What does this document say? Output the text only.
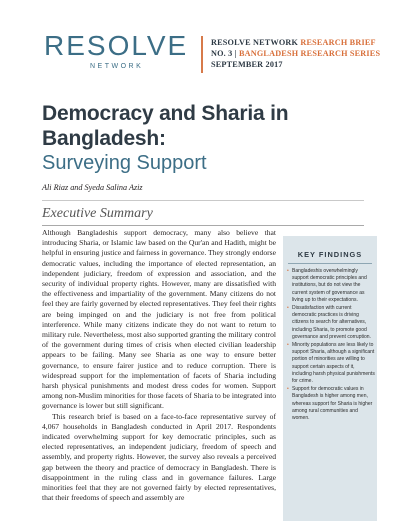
RESOLVE
NETWORK
RESOLVE NETWORK RESEARCH BRIEF
NO. 3 | BANGLADESH RESEARCH SERIES
SEPTEMBER 2017
Democracy and Sharia in
Bangladesh:
Surveying Support
Ali Riaz and Syeda Salina Aziz
Executive Summary

Although Bangladeshis support democracy, many also believe that introducing Sharia, or Islamic law based on the Qur'an and Hadith, might be helpful in ensuring justice and fairness in governance. They strongly endorse democratic values, including the importance of elected representation, an independent judiciary, freedom of expression and association, and the security of individual property rights. However, many are dissatisfied with the effectiveness and impartiality of the government. Many citizens do not feel they are fairly governed by elected representatives. They feel their rights are being impinged on and the judiciary is not free from political interference. While many citizens indicate they do not want to return to military rule. Nevertheless, most also supported granting the military control of the government during times of crisis when elected civilian leadership appears to be failing. Many see Sharia as one way to ensure better governance, to ensure fairer justice and to reduce corruption. There is widespread support for the implementation of facets of Sharia including harsh physical punishments and modest dress codes for women. Support among non-Muslim minorities for those facets of Sharia to be integrated into governance is lower but still significant.

This research brief is based on a face-to-face representative survey of 4,067 households in Bangladesh conducted in April 2017. Respondents indicated overwhelming support for key democratic principles, such as elected representatives, an independent judiciary, freedom of speech and assembly, and property rights. However, the survey also reveals a perceived gap between the theory and practice of democracy in Bangladesh. There is disappointment in the ruling class and in governance failures. Large minorities feel that they are not governed fairly by elected representatives, that their freedoms of speech and assembly are

KEY FINDINGS
• Bangladeshis overwhelmingly support democratic principles and institutions, but do not view the current system of governance as living up to their expectations.
• Dissatisfaction with current democratic practices is driving citizens to search for alternatives, including Sharia, to promote good governance and prevent corruption.
• Minority populations are less likely to support Sharia, although a significant portion of minorities are willing to support certain aspects of it, including harsh physical punishments for crime.
• Support for democratic values in Bangladesh is higher among men, whereas support for Sharia is higher among rural communities and women.
